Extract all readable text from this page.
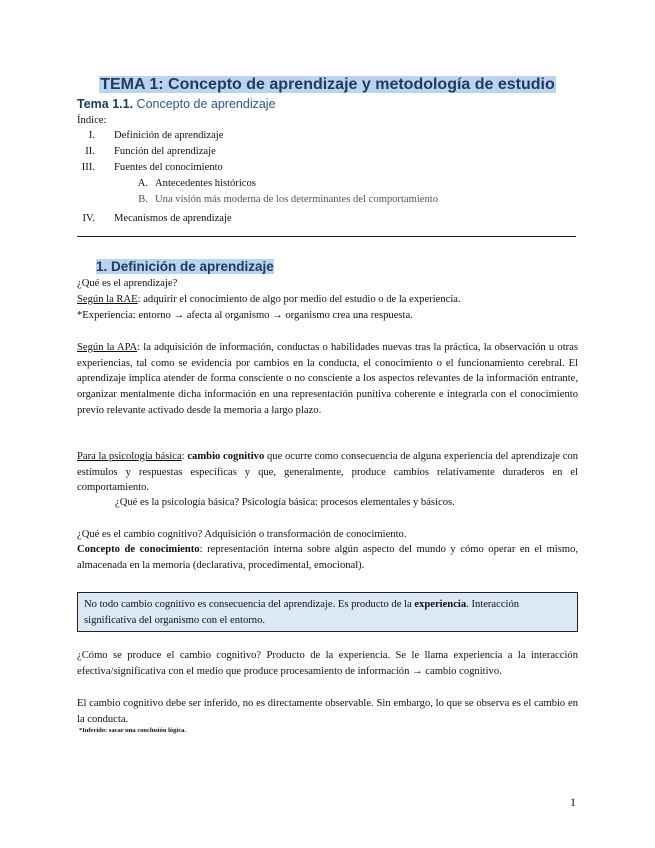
TEMA 1: Concepto de aprendizaje y metodología de estudio
Tema 1.1. Concepto de aprendizaje
Índice:
I. Definición de aprendizaje
II. Función del aprendizaje
III. Fuentes del conocimiento
A. Antecedentes históricos
B. Una visión más moderna de los determinantes del comportamiento
IV. Mecanismos de aprendizaje
1. Definición de aprendizaje
¿Qué es el aprendizaje?
Según la RAE: adquirir el conocimiento de algo por medio del estudio o de la experiencia.
*Experiencia: entorno → afecta al organismo → organismo crea una respuesta.
Según la APA: la adquisición de información, conductas o habilidades nuevas tras la práctica, la observación u otras experiencias, tal como se evidencia por cambios en la conducta, el conocimiento o el funcionamiento cerebral. El aprendizaje implica atender de forma consciente o no consciente a los aspectos relevantes de la información entrante, organizar mentalmente dicha información en una representación punitiva coherente e integrarla con el conocimiento previo relevante activado desde la memoria a largo plazo.
Para la psicología básica: cambio cognitivo que ocurre como consecuencia de alguna experiencia del aprendizaje con estímulos y respuestas específicas y que, generalmente, produce cambios relativamente duraderos en el comportamiento.
¿Qué es la psicología básica? Psicología básica: procesos elementales y básicos.
¿Qué es el cambio cognitivo? Adquisición o transformación de conocimiento.
Concepto de conocimiento: representación interna sobre algún aspecto del mundo y cómo operar en el mismo, almacenada en la memoria (declarativa, procedimental, emocional).
No todo cambio cognitivo es consecuencia del aprendizaje. Es producto de la experiencia. Interacción significativa del organismo con el entorno.
¿Cómo se produce el cambio cognitivo? Producto de la experiencia. Se le llama experiencia a la interacción efectiva/significativa con el medio que produce procesamiento de información → cambio cognitivo.
El cambio cognitivo debe ser inferido, no es directamente observable. Sin embargo, lo que se observa es el cambio en la conducta.
*Inferido: sacar una conclusión lógica.
1
